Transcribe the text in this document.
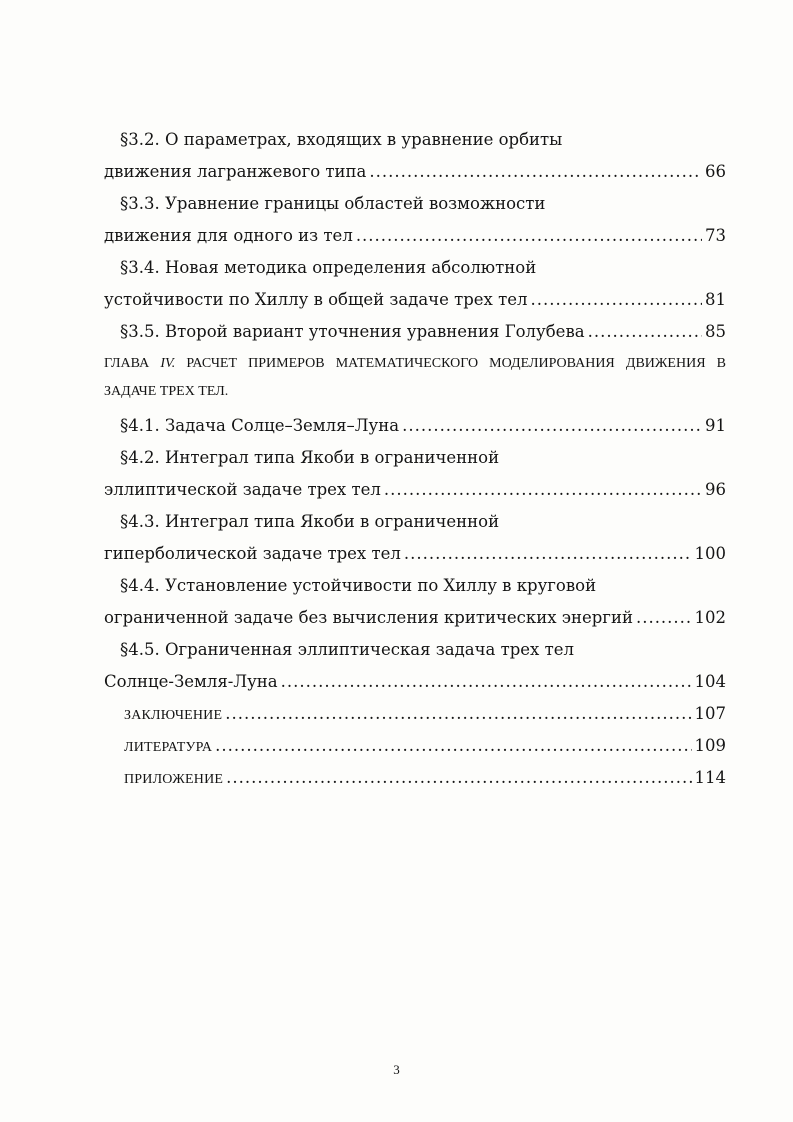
§3.2. О параметрах, входящих в уравнение орбиты
движения лагранжевого типа .....	66
§3.3. Уравнение границы областей возможности
движения для одного из тел .....	73
§3.4. Новая методика определения абсолютной
устойчивости по Хиллу в общей задаче трех тел .....	81
§3.5. Второй вариант уточнения уравнения Голубева .....	85
ГЛАВА IV. РАСЧЕТ ПРИМЕРОВ МАТЕМАТИЧЕСКОГО МОДЕЛИРОВАНИЯ ДВИЖЕНИЯ В ЗАДАЧЕ ТРЕХ ТЕЛ.
§4.1. Задача Солце–Земля–Луна .....	91
§4.2. Интеграл типа Якоби в ограниченной
эллиптической задаче трех тел .....	96
§4.3. Интеграл типа Якоби в ограниченной
гиперболической задаче трех тел .....	100
§4.4. Установление устойчивости по Хиллу в круговой
ограниченной задаче без вычисления критических энергий .....	102
§4.5. Ограниченная эллиптическая задача трех тел
Солнце-Земля-Луна .....	104
ЗАКЛЮЧЕНИЕ .....	107
ЛИТЕРАТУРА .....	109
ПРИЛОЖЕНИЕ .....	114
3
